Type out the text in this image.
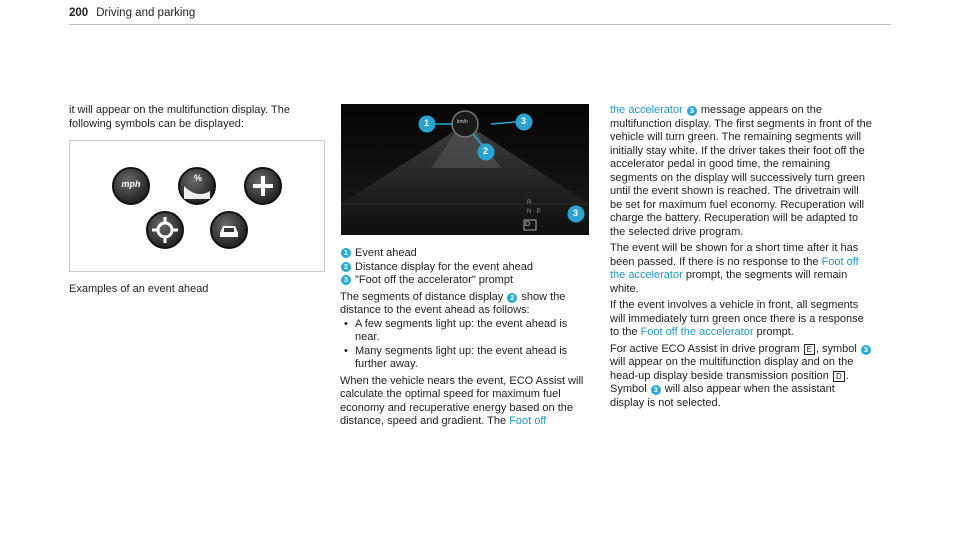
200 Driving and parking

it will appear on the multifunction display. The following symbols can be displayed:

mph
%
Examples of an event ahead
km/h
1	3
2
3
D
R
N · P
1 Event ahead
2 Distance display for the event ahead
3 "Foot off the accelerator" prompt

The segments of distance display 2 show the distance to the event ahead as follows:

• A few segments light up: the event ahead is near.
• Many segments light up: the event ahead is further away.

When the vehicle nears the event, ECO Assist will calculate the optimal speed for maximum fuel economy and recuperative energy based on the distance, speed and gradient. The Foot off

the accelerator 3 message appears on the multifunction display. The first segments in front of the vehicle will turn green. The remaining segments will initially stay white. If the driver takes their foot off the accelerator pedal in good time, the remaining segments on the display will successively turn green until the event shown is reached. The drivetrain will be set for maximum fuel economy. Recuperation will charge the battery. Recuperation will be adapted to the selected drive program.

The event will be shown for a short time after it has been passed. If there is no response to the Foot off the accelerator prompt, the segments will remain white.

If the event involves a vehicle in front, all segments will immediately turn green once there is a response to the Foot off the accelerator prompt.

For active ECO Assist in drive program E , symbol 3 will appear on the multifunction display and on the head-up display beside transmission position D . Symbol 3 will also appear when the assistant display is not selected.
